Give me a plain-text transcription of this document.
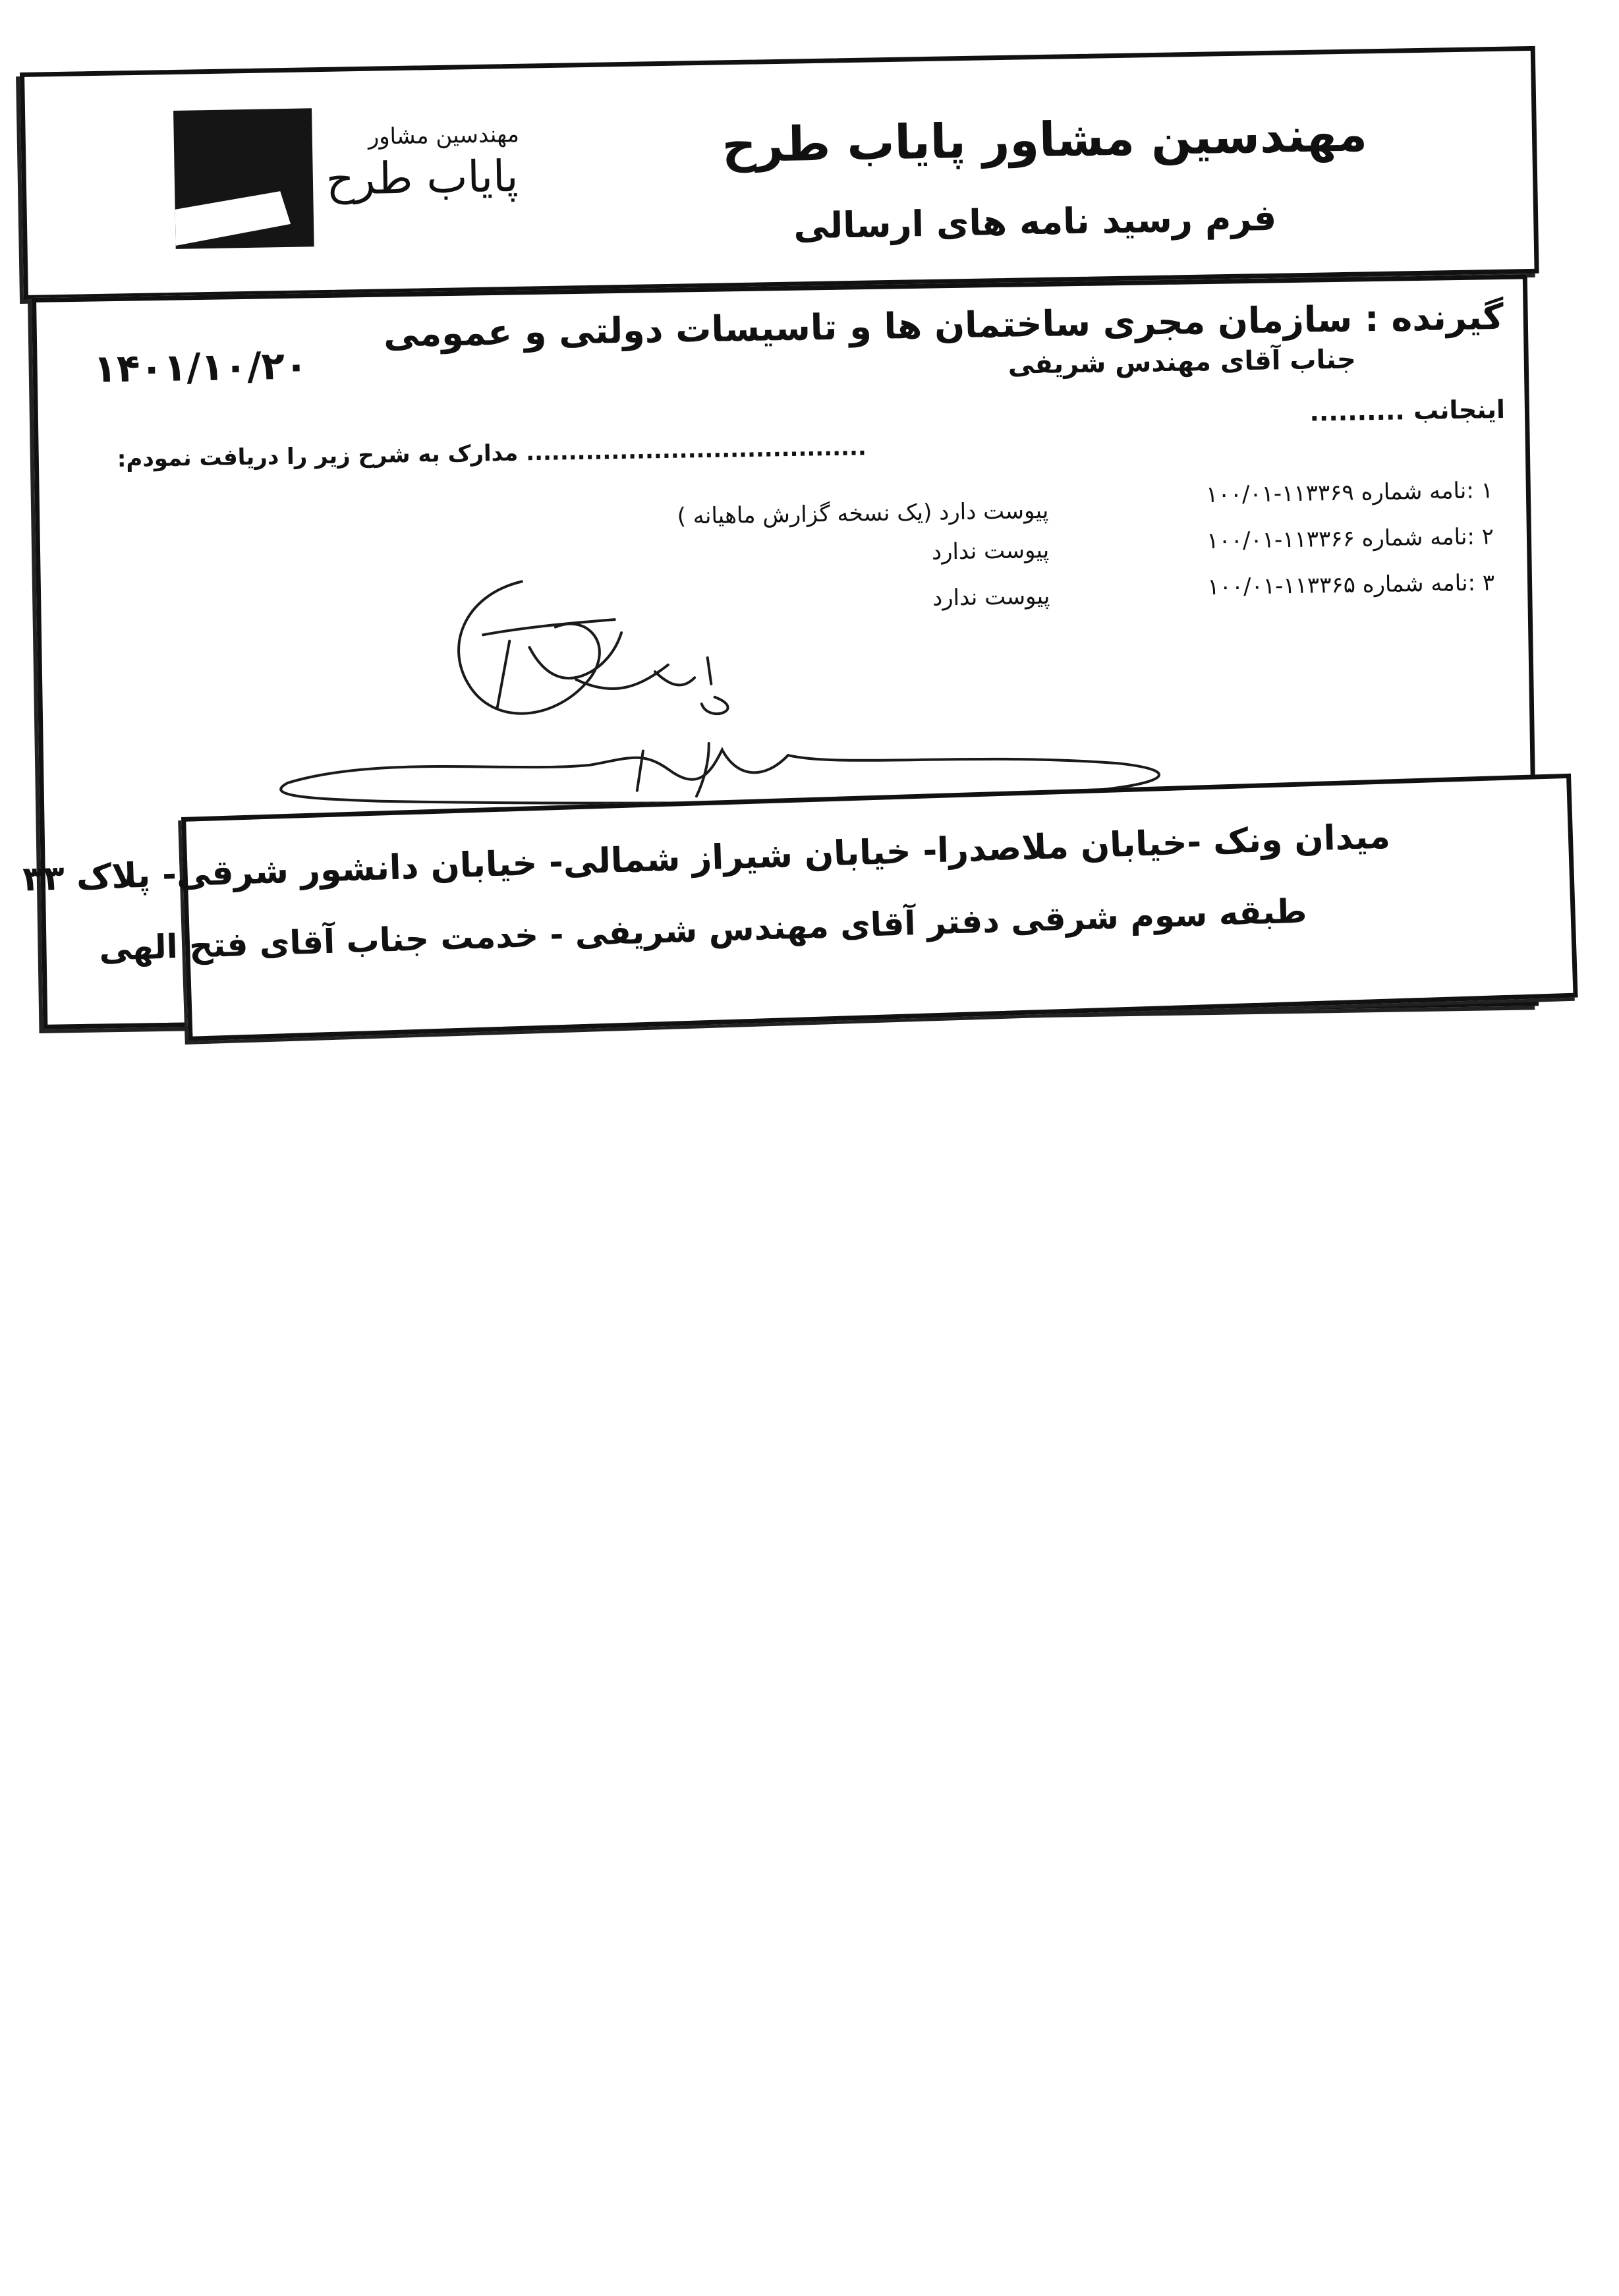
مهندسین مشاور پایاب طرح
فرم رسید نامه های ارسالی
مهندسین مشاور
پایاب طرح
گیرنده : سازمان مجری ساختمان ها و تاسیسات دولتی و عمومی
جناب آقای مهندس شریفی
۱۴۰۱/۱۰/۲۰
اینجانب ..........
........................................ مدارک به شرح زیر را دریافت نمودم:
۱ :نامه شماره ۱۱۳۳۶۹-۱۰۰/۰۱
پیوست دارد (یک نسخه گزارش ماهیانه )
۲ :نامه شماره ۱۱۳۳۶۶-۱۰۰/۰۱
پیوست ندارد
۳ :نامه شماره ۱۱۳۳۶۵-۱۰۰/۰۱
پیوست ندارد
میدان ونک -خیابان ملاصدرا- خیابان شیراز شمالی- خیابان دانشور شرقی- پلاک ۳۳
طبقه سوم شرقی دفتر آقای مهندس شریفی - خدمت جناب آقای فتح الهی
